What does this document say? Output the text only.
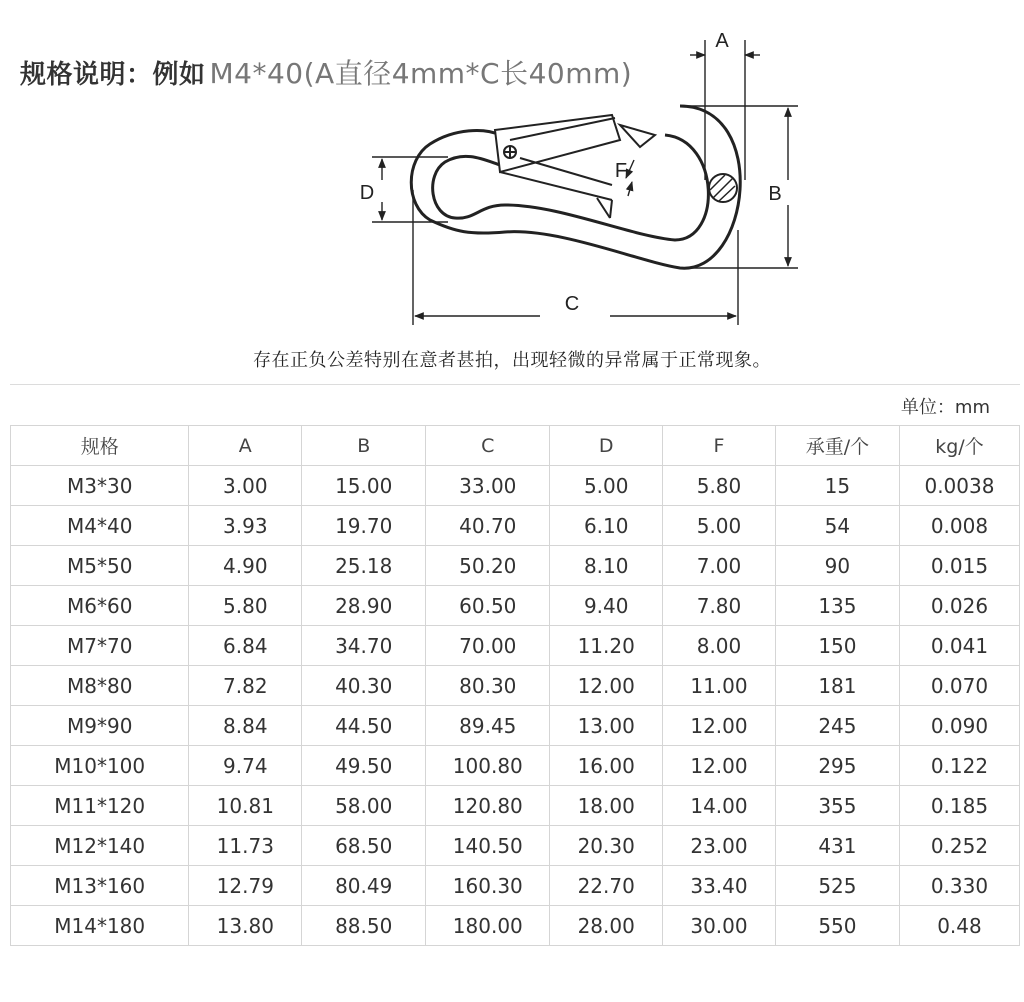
规格说明：例如 M4*40(A直径4mm*C长40mm)
A
B
C
D
F
存在正负公差特别在意者甚拍，出现轻微的异常属于正常现象。
单位：mm
规格	A	B	C	D	F	承重/个	kg/个
M3*30	3.00	15.00	33.00	5.00	5.80	15	0.0038
M4*40	3.93	19.70	40.70	6.10	5.00	54	0.008
M5*50	4.90	25.18	50.20	8.10	7.00	90	0.015
M6*60	5.80	28.90	60.50	9.40	7.80	135	0.026
M7*70	6.84	34.70	70.00	11.20	8.00	150	0.041
M8*80	7.82	40.30	80.30	12.00	11.00	181	0.070
M9*90	8.84	44.50	89.45	13.00	12.00	245	0.090
M10*100	9.74	49.50	100.80	16.00	12.00	295	0.122
M11*120	10.81	58.00	120.80	18.00	14.00	355	0.185
M12*140	11.73	68.50	140.50	20.30	23.00	431	0.252
M13*160	12.79	80.49	160.30	22.70	33.40	525	0.330
M14*180	13.80	88.50	180.00	28.00	30.00	550	0.48
